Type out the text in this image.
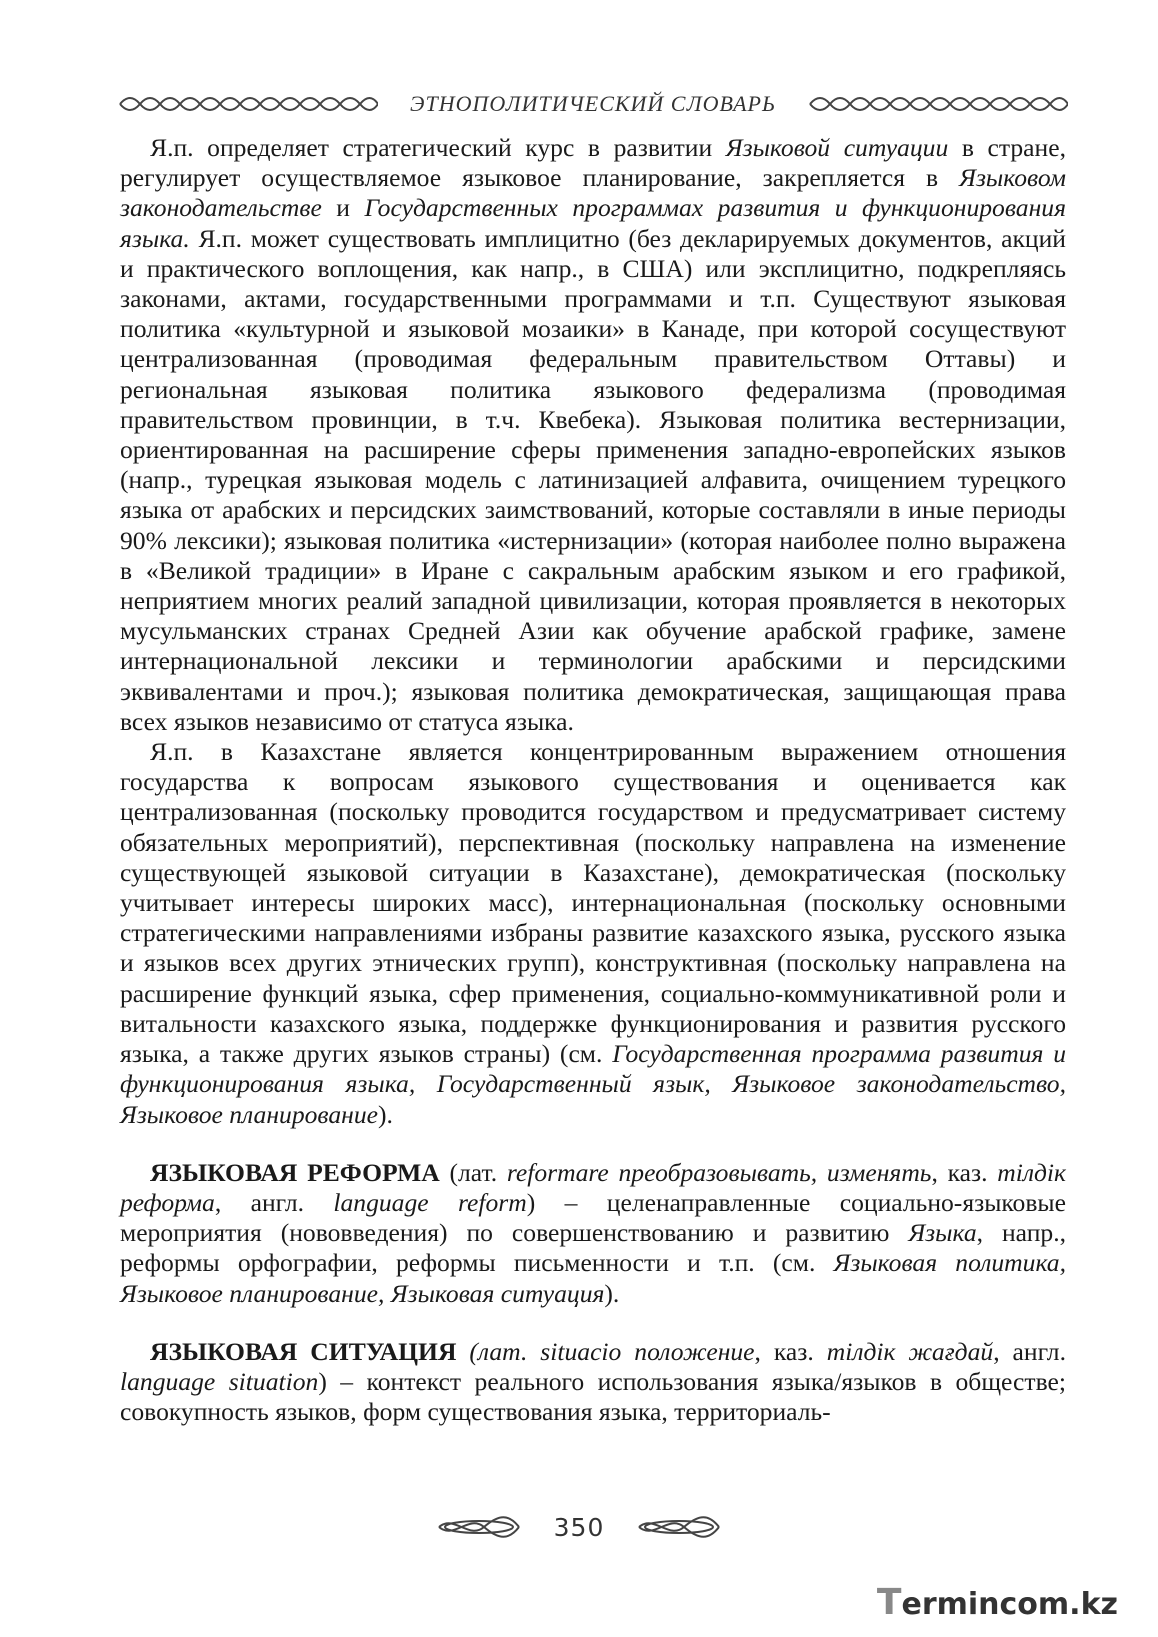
ЭТНОПОЛИТИЧЕСКИЙ СЛОВАРЬ

Я.п. определяет стратегический курс в развитии Языковой ситуации в стране, регулирует осуществляемое языковое планирование, закрепляется в Языковом законодательстве и Государственных программах развития и функционирования языка. Я.п. может существовать имплицитно (без декларируемых документов, акций и практического воплощения, как напр., в США) или эксплицитно, подкрепляясь законами, актами, государственными программами и т.п. Существуют языковая политика «культурной и языковой мозаики» в Канаде, при которой сосуществуют централизованная (проводимая федеральным правительством Оттавы) и региональная языковая политика языкового федерализма (проводимая правительством провинции, в т.ч. Квебека). Языковая политика вестернизации, ориентированная на расширение сферы применения западно-европейских языков (напр., турецкая языковая модель с латинизацией алфавита, очищением турецкого языка от арабских и персидских заимствований, которые составляли в иные периоды 90% лексики); языковая политика «истернизации» (которая наиболее полно выражена в «Великой традиции» в Иране с сакральным арабским языком и его графикой, неприятием многих реалий западной цивилизации, которая проявляется в некоторых мусульманских странах Средней Азии как обучение арабской графике, замене интернациональной лексики и терминологии арабскими и персидскими эквивалентами и проч.); языковая политика демократическая, защищающая права всех языков независимо от статуса языка.

Я.п. в Казахстане является концентрированным выражением отношения государства к вопросам языкового существования и оценивается как централизованная (поскольку проводится государством и предусматривает систему обязательных мероприятий), перспективная (поскольку направлена на изменение существующей языковой ситуации в Казахстане), демократическая (поскольку учитывает интересы широких масс), интернациональная (поскольку основными стратегическими направлениями избраны развитие казахского языка, русского языка и языков всех других этнических групп), конструктивная (поскольку направлена на расширение функций языка, сфер применения, социально-коммуникативной роли и витальности казахского языка, поддержке функционирования и развития русского языка, а также других языков страны) (см. Государственная программа развития и функционирования языка, Государственный язык, Языковое законодательство, Языковое планирование).

ЯЗЫКОВАЯ РЕФОРМА (лат. reformare преобразовывать, изменять, каз. тілдік реформа, англ. language reform) – целенаправленные социально-языковые мероприятия (нововведения) по совершенствованию и развитию Языка, напр., реформы орфографии, реформы письменности и т.п. (см. Языковая политика, Языковое планирование, Языковая ситуация).

ЯЗЫКОВАЯ СИТУАЦИЯ (лат. situacio положение, каз. тілдік жағдай, англ. language situation) – контекст реального использования языка/языков в обществе; совокупность языков, форм существования языка, территориаль-

350
T erminc o m.kz
